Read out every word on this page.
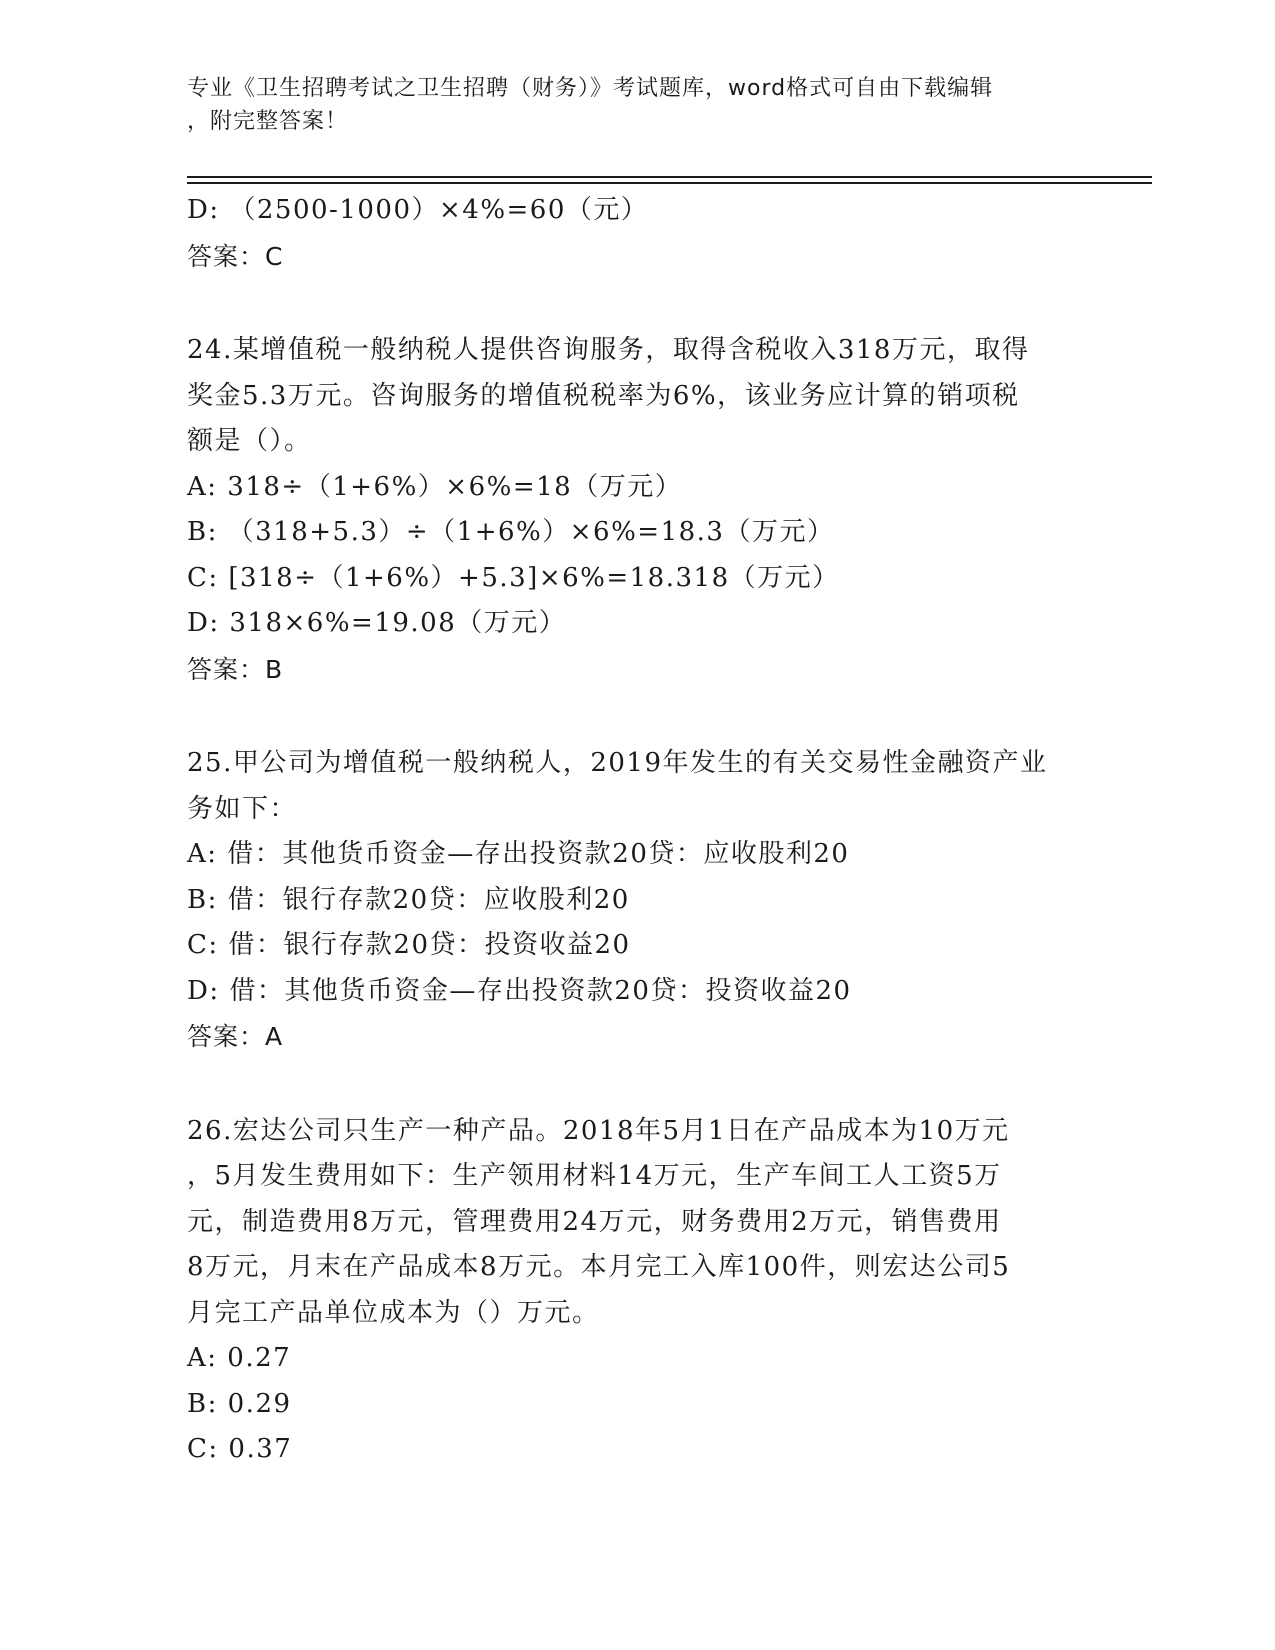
专业《卫生招聘考试之卫生招聘（财务）》考试题库，word格式可自由下载编辑
，附完整答案！
D: （2500-1000）×4%=60（元）
答案：C
24.某增值税一般纳税人提供咨询服务，取得含税收入318万元，取得
奖金5.3万元。咨询服务的增值税税率为6%，该业务应计算的销项税
额是（）。
A: 318÷（1+6%）×6%=18（万元）
B: （318+5.3）÷（1+6%）×6%=18.3（万元）
C: [318÷（1+6%）+5.3]×6%=18.318（万元）
D: 318×6%=19.08（万元）
答案：B
25.甲公司为增值税一般纳税人，2019年发生的有关交易性金融资产业
务如下：
A: 借：其他货币资金—存出投资款20贷：应收股利20
B: 借：银行存款20贷：应收股利20
C: 借：银行存款20贷：投资收益20
D: 借：其他货币资金—存出投资款20贷：投资收益20
答案：A
26.宏达公司只生产一种产品。2018年5月1日在产品成本为10万元
，5月发生费用如下：生产领用材料14万元，生产车间工人工资5万
元，制造费用8万元，管理费用24万元，财务费用2万元，销售费用
8万元，月末在产品成本8万元。本月完工入库100件，则宏达公司5
月完工产品单位成本为（）万元。
A: 0.27
B: 0.29
C: 0.37
